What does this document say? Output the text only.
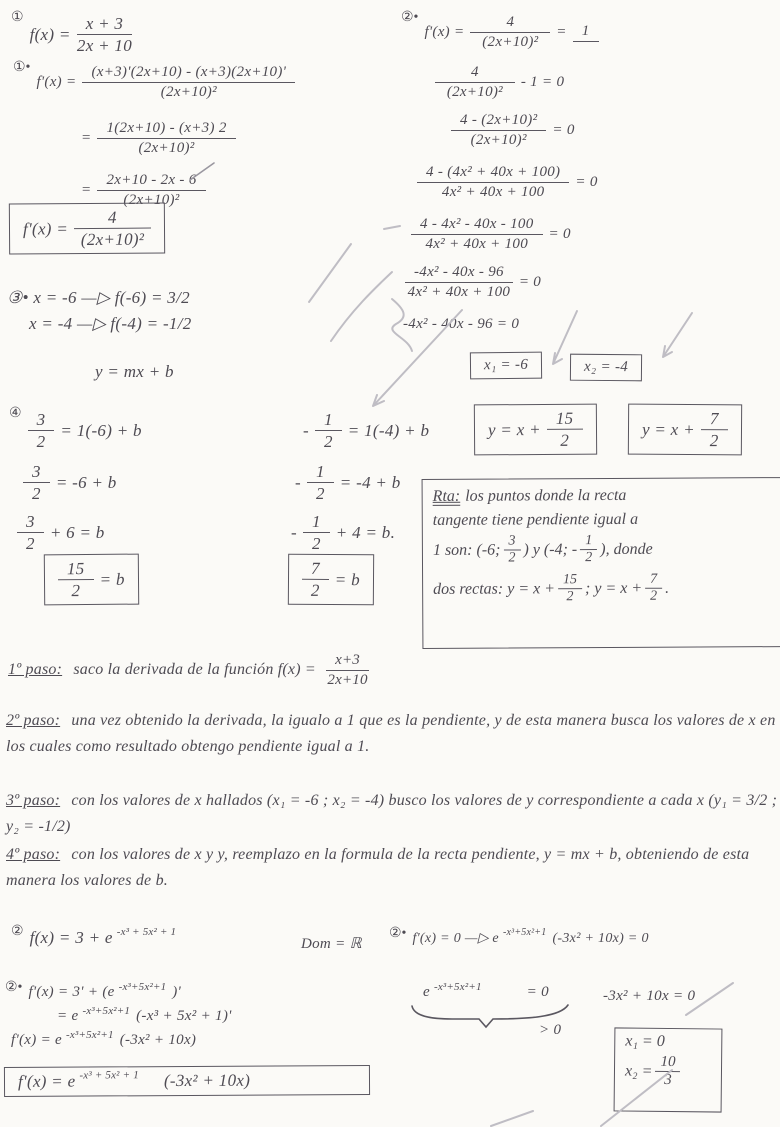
①
$f(x) = \frac{x + 3}{2x + 10}$
①•
$f'(x) = \frac{(x+3)'(2x+10) - (x+3)(2x+10)'}{\text{(2x+10)²}}$
= $\frac{1(2x+10) - (x+3) 2}{\text{(2x+10)²}}$
= $\frac{2x+10 - 2x - 6}{\text{(2x+10)²}}$
$f'(x) = \frac{4}{\text{(2x+10)²}}$
②•
$f'(x) = \frac{4}{\text{(2x+10)²}}$ =	1
$\frac{4}{\text{(2x+10)²}} - 1 = 0$
$\frac{\text{4 - (2x+10)²}}{\text{(2x+10)²}} = 0$
$\frac{\text{4 - (4x² + 40x + 100)}}{\text{4x² + 40x + 100}} = 0$
$\frac{\text{4 - 4x² - 40x - 100}}{\text{4x² + 40x + 100}} = 0$
$\frac{\text{-4x² - 40x - 96}}{\text{4x² + 40x + 100}} = 0$
-4x² - 40x - 96 = 0
x₁ = -6	x₂ = -4
$y = x + \frac{15}{2}$	$y = x + \frac{7}{2}$
③• x = -6 —▷ f(-6) = 3/2
x = -4 —▷ f(-4) = -1/2
y = mx + b
④ $\frac{3}{2} = 1(-6) + b$	- $\frac{1}{2} = 1(-4) + b$
$\frac{3}{2} = -6 + b$	- $\frac{1}{2} = -4 + b$
$\frac{3}{2} + 6 = b$	- $\frac{1}{2} + 4 = b$.
$\frac{15}{2} = b$	$\frac{7}{2} = b$
Rta: los puntos donde la recta
tangente tiene pendiente igual a
1 son: (-6; $\frac{3}{2}$ ) y (-4; - $\frac{1}{2}$ ), donde
dos rectas: $y = x + \frac{15}{2}$ ; $y = x + \frac{7}{2}$ .
1º paso: saco la derivada de la función $f(x) = \frac{x+3}{2x+10}$
2º paso: una vez obtenido la derivada, la igualo a 1 que es la pendiente, y de esta manera busca los valores de x en los cuales como resultado obtengo pendiente igual a 1.
3º paso: con los valores de x hallados (x₁ = -6 ; x₂ = -4) busco los valores de y correspondiente a cada x (y₁ = 3/2 ; y₂ = -1/2)
4º paso: con los valores de x y y, reemplazo en la formula de la recta pendiente, y = mx + b, obteniendo de esta manera los valores de b.
② f(x) = 3 + e $^{-x^3 + 5x^2 + 1}$
Dom = ℝ
②• f'(x) = 0 —▷ e $^{-x^3+5x^2+1}$ (-3x² + 10x) = 0
②• f'(x) = 3' + (e $^{-x^3+5x^2+1}$ )'
= e $^{-x^3+5x^2+1}$ (-x³ + 5x² + 1)'
f'(x) = e $^{-x^3+5x^2+1}$ (-3x² + 10x)
f'(x) = e $^{-x^3 + 5x^2 + 1}$ (-3x² + 10x)
e $^{-x^3+5x^2+1}$	= 0
> 0
-3x² + 10x = 0
x₁ = 0
$x_2 = \frac{10}{3}$
